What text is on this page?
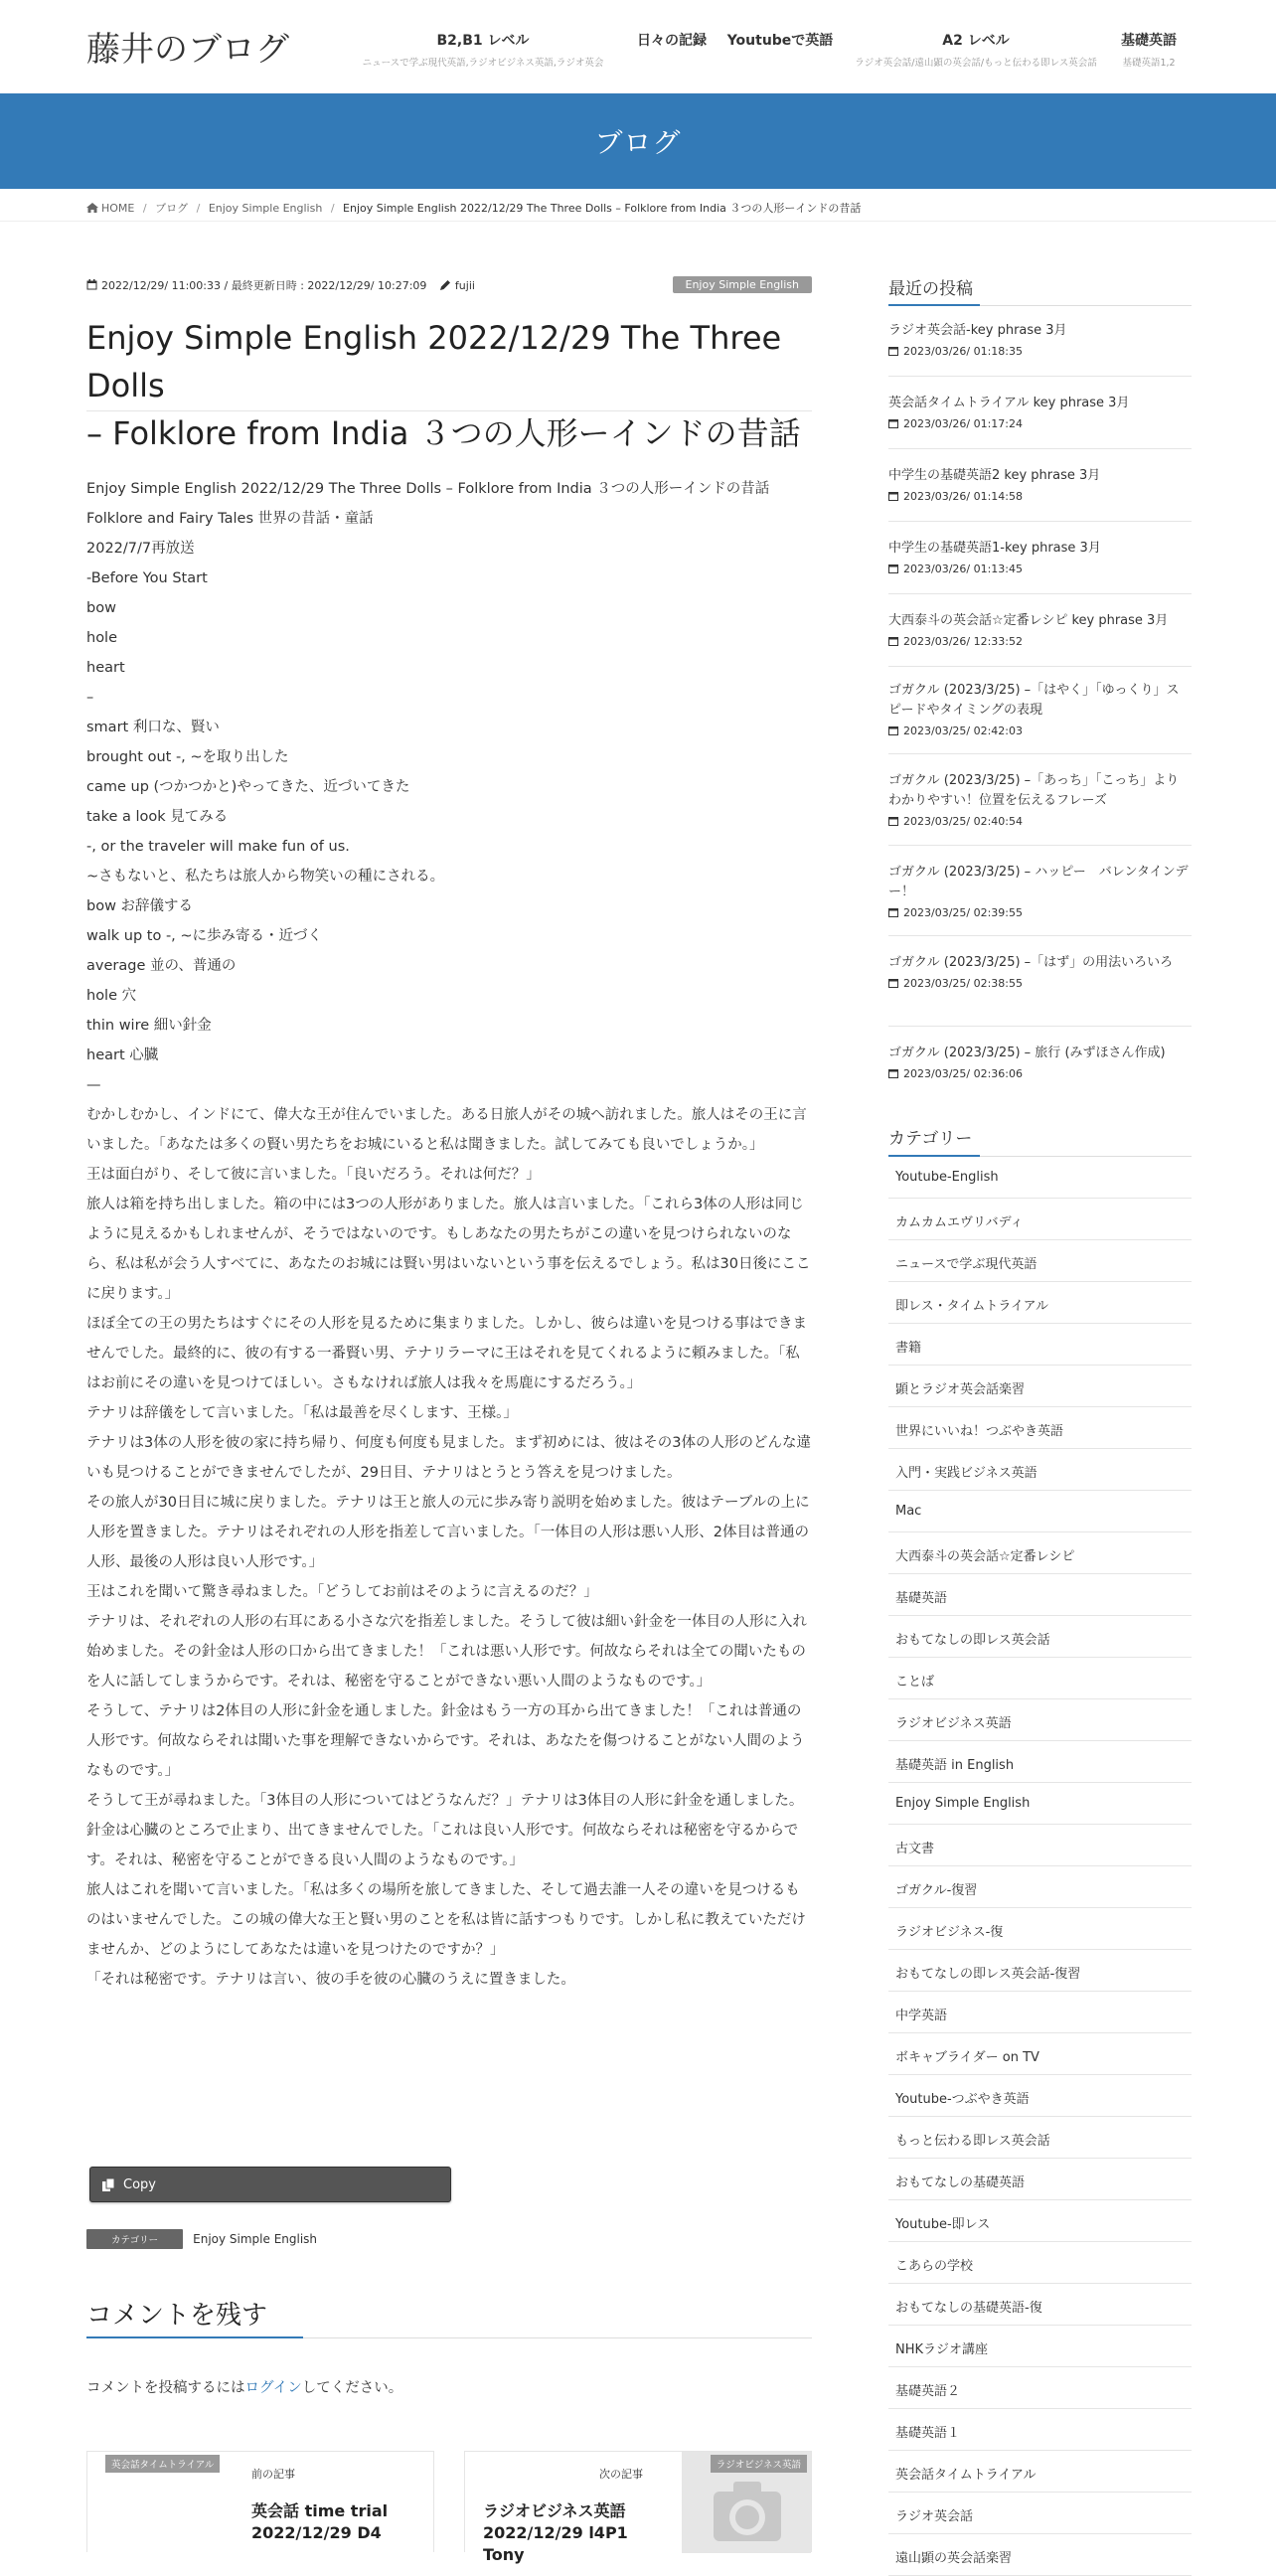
藤井のブログ	B2,B1 レベル
ニュースで学ぶ現代英語,ラジオビジネス英語,ラジオ英会
日々の記録	Youtubeで英語	A2 レベル
ラジオ英会話/遠山顕の英会話/もっと伝わる即レス英会話
基礎英語
基礎英語1,2
ブログ
HOME / ブログ / Enjoy Simple English / Enjoy Simple English 2022/12/29 The Three Dolls – Folklore from India ３つの人形ーインドの昔話
2022/12/29/ 11:00:33 / 最終更新日時 : 2022/12/29/ 10:27:09	fujii	Enjoy Simple English
Enjoy Simple English 2022/12/29 The Three Dolls
– Folklore from India ３つの人形ーインドの昔話

Enjoy Simple English 2022/12/29 The Three Dolls – Folklore from India ３つの人形ーインドの昔話

Folklore and Fairy Tales 世界の昔話・童話

2022/7/7再放送

-Before You Start

bow

hole

heart

–

smart 利口な、賢い

brought out -, ~を取り出した

came up (つかつかと)やってきた、近づいてきた

take a look 見てみる

-, or the traveler will make fun of us.

~さもないと、私たちは旅人から物笑いの種にされる。

bow お辞儀する

walk up to -, ~に歩み寄る・近づく

average 並の、普通の

hole 穴

thin wire 細い針金

heart 心臓

—

むかしむかし、インドにて、偉大な王が住んでいました。ある日旅人がその城へ訪れました。旅人はその王に言いました。「あなたは多くの賢い男たちをお城にいると私は聞きました。試してみても良いでしょうか。」

王は面白がり、そして彼に言いました。「良いだろう。それは何だ？」

旅人は箱を持ち出しました。箱の中には3つの人形がありました。旅人は言いました。「これら3体の人形は同じように見えるかもしれませんが、そうではないのです。もしあなたの男たちがこの違いを見つけられないのなら、私は私が会う人すべてに、あなたのお城には賢い男はいないという事を伝えるでしょう。私は30日後にここに戻ります。」

ほぼ全ての王の男たちはすぐにその人形を見るために集まりました。しかし、彼らは違いを見つける事はできませんでした。最終的に、彼の有する一番賢い男、テナリラーマに王はそれを見てくれるように頼みました。「私はお前にその違いを見つけてほしい。さもなければ旅人は我々を馬鹿にするだろう。」

テナリは辞儀をして言いました。「私は最善を尽くします、王様。」

テナリは3体の人形を彼の家に持ち帰り、何度も何度も見ました。まず初めには、彼はその3体の人形のどんな違いも見つけることができませんでしたが、29日目、テナリはとうとう答えを見つけました。

その旅人が30日目に城に戻りました。テナリは王と旅人の元に歩み寄り説明を始めました。彼はテーブルの上に人形を置きました。テナリはそれぞれの人形を指差して言いました。「一体目の人形は悪い人形、2体目は普通の人形、最後の人形は良い人形です。」

王はこれを聞いて驚き尋ねました。「どうしてお前はそのように言えるのだ？」

テナリは、それぞれの人形の右耳にある小さな穴を指差しました。そうして彼は細い針金を一体目の人形に入れ始めました。その針金は人形の口から出てきました！「これは悪い人形です。何故ならそれは全ての聞いたものを人に話してしまうからです。それは、秘密を守ることができない悪い人間のようなものです。」

そうして、テナリは2体目の人形に針金を通しました。針金はもう一方の耳から出てきました！「これは普通の人形です。何故ならそれは聞いた事を理解できないからです。それは、あなたを傷つけることがない人間のようなものです。」

そうして王が尋ねました。「3体目の人形についてはどうなんだ？」テナリは3体目の人形に針金を通しました。針金は心臓のところで止まり、出てきませんでした。「これは良い人形です。何故ならそれは秘密を守るからです。それは、秘密を守ることができる良い人間のようなものです。」

旅人はこれを聞いて言いました。「私は多くの場所を旅してきました、そして過去誰一人その違いを見つけるものはいませんでした。この城の偉大な王と賢い男のことを私は皆に話すつもりです。しかし私に教えていただけませんか、どのようにしてあなたは違いを見つけたのですか？」

「それは秘密です。テナリは言い、彼の手を彼の心臓のうえに置きました。

Copy
カテゴリー	Enjoy Simple English
コメントを残す
コメントを投稿するにはログインしてください。
英会話タイムトライアル
前の記事
英会話 time trial 2022/12/29 D4
ラジオビジネス英語
次の記事
ラジオビジネス英語 2022/12/29 l4P1 Tony
最近の投稿
ラジオ英会話-key phrase 3月
2023/03/26/ 01:18:35
英会話タイムトライアル key phrase 3月
2023/03/26/ 01:17:24
中学生の基礎英語2 key phrase 3月
2023/03/26/ 01:14:58
中学生の基礎英語1-key phrase 3月
2023/03/26/ 01:13:45
大西泰斗の英会話☆定番レシピ key phrase 3月
2023/03/26/ 12:33:52
ゴガクル (2023/3/25) –「はやく」「ゆっくり」スピードやタイミングの表現
2023/03/25/ 02:42:03
ゴガクル (2023/3/25) –「あっち」「こっち」よりわかりやすい！位置を伝えるフレーズ
2023/03/25/ 02:40:54
ゴガクル (2023/3/25) – ハッピー　バレンタインデー！
2023/03/25/ 02:39:55
ゴガクル (2023/3/25) –「はず」の用法いろいろ
2023/03/25/ 02:38:55
ゴガクル (2023/3/25) – 旅行 (みずほさん作成)
2023/03/25/ 02:36:06
カテゴリー
Youtube-English
カムカムエヴリバディ
ニュースで学ぶ現代英語
即レス・タイムトライアル
書籍
顕とラジオ英会話楽習
世界にいいね！つぶやき英語
入門・実践ビジネス英語
Mac
大西泰斗の英会話☆定番レシピ
基礎英語
おもてなしの即レス英会話
ことば
ラジオビジネス英語
基礎英語 in English
Enjoy Simple English
古文書
ゴガクル-復習
ラジオビジネス-復
おもてなしの即レス英会話-復習
中学英語
ボキャブライダー on TV
Youtube-つぶやき英語
もっと伝わる即レス英会話
おもてなしの基礎英語
Youtube-即レス
こあらの学校
おもてなしの基礎英語-復
NHKラジオ講座
基礎英語２
基礎英語１
英会話タイムトライアル
ラジオ英会話
遠山顕の英会話楽習
